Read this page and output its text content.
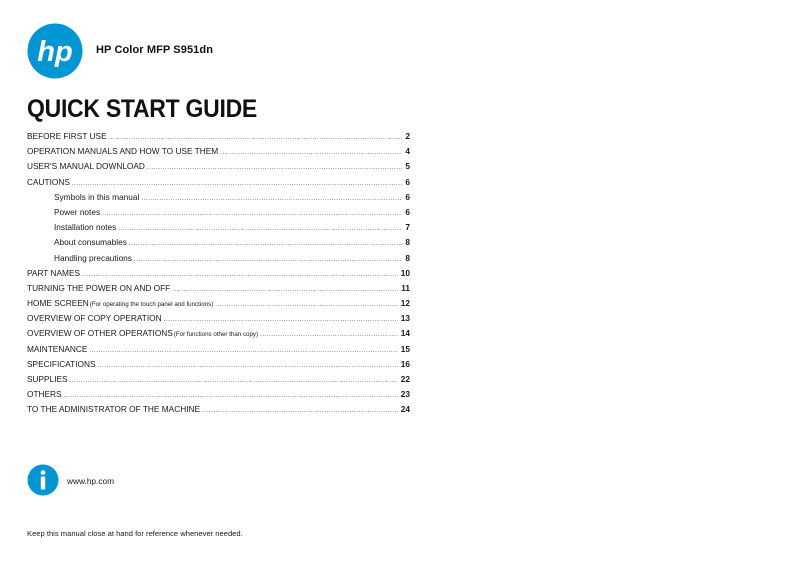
hp HP Color MFP S951dn
QUICK START GUIDE
BEFORE FIRST USE .....	2
OPERATION MANUALS AND HOW TO USE THEM .....	4
USER'S MANUAL DOWNLOAD .....	5
CAUTIONS .....	6
Symbols in this manual .....	6
Power notes .....	6
Installation notes .....	7
About consumables .....	8
Handling precautions .....	8
PART NAMES .....	10
TURNING THE POWER ON AND OFF .....	11
HOME SCREEN (For operating the touch panel and functions) .....	12
OVERVIEW OF COPY OPERATION .....	13
OVERVIEW OF OTHER OPERATIONS (For functions other than copy) .....	14
MAINTENANCE .....	15
SPECIFICATIONS .....	16
SUPPLIES .....	22
OTHERS .....	23
TO THE ADMINISTRATOR OF THE MACHINE .....	24
www.hp.com
Keep this manual close at hand for reference whenever needed.
